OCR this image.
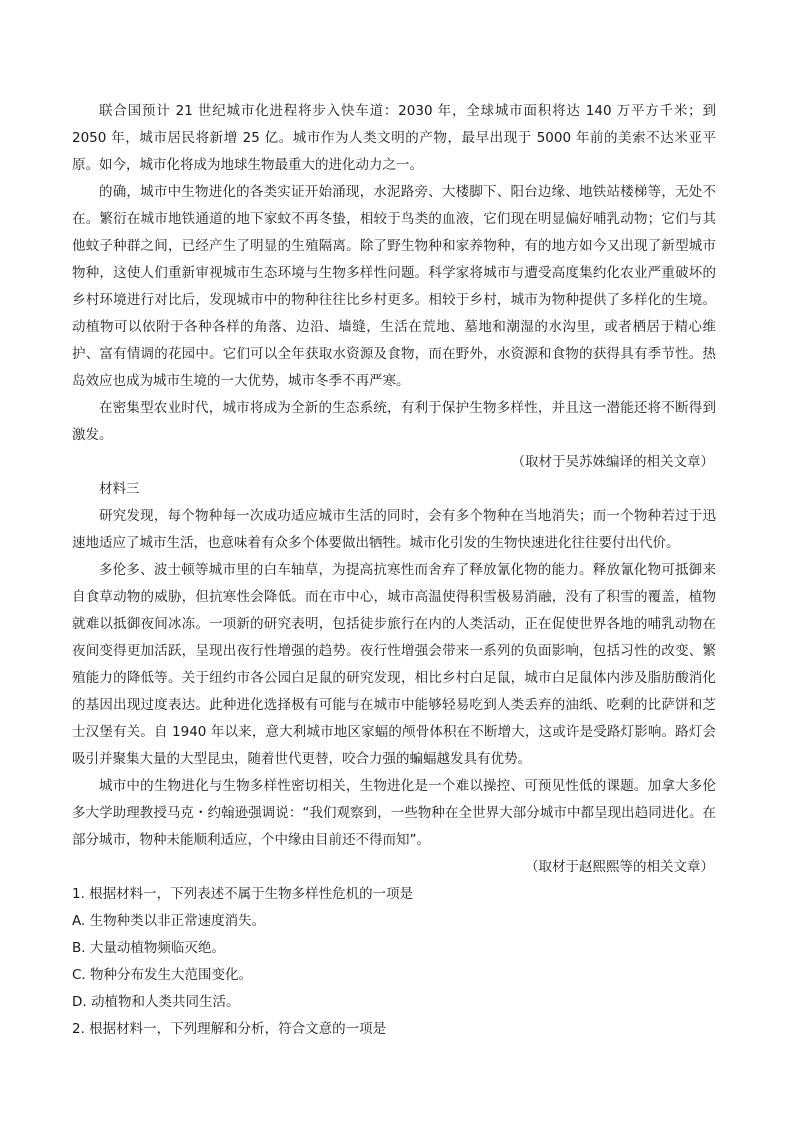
联合国预计 21 世纪城市化进程将步入快车道：2030 年，全球城市面积将达 140 万平方千米；到 2050 年，城市居民将新增 25 亿。城市作为人类文明的产物，最早出现于 5000 年前的美索不达米亚平原。如今，城市化将成为地球生物最重大的进化动力之一。

的确，城市中生物进化的各类实证开始涌现，水泥路旁、大楼脚下、阳台边缘、地铁站楼梯等，无处不在。繁衍在城市地铁通道的地下家蚊不再冬蛰，相较于鸟类的血液，它们现在明显偏好哺乳动物；它们与其他蚊子种群之间，已经产生了明显的生殖隔离。除了野生物种和家养物种，有的地方如今又出现了新型城市物种，这使人们重新审视城市生态环境与生物多样性问题。科学家将城市与遭受高度集约化农业严重破坏的乡村环境进行对比后，发现城市中的物种往往比乡村更多。相较于乡村，城市为物种提供了多样化的生境。动植物可以依附于各种各样的角落、边沿、墙缝，生活在荒地、墓地和潮湿的水沟里，或者栖居于精心维护、富有情调的花园中。它们可以全年获取水资源及食物，而在野外，水资源和食物的获得具有季节性。热岛效应也成为城市生境的一大优势，城市冬季不再严寒。

在密集型农业时代，城市将成为全新的生态系统，有利于保护生物多样性，并且这一潜能还将不断得到激发。

（取材于吴苏姝编译的相关文章）

材料三

研究发现，每个物种每一次成功适应城市生活的同时，会有多个物种在当地消失；而一个物种若过于迅速地适应了城市生活，也意味着有众多个体要做出牺牲。城市化引发的生物快速进化往往要付出代价。

多伦多、波士顿等城市里的白车轴草，为提高抗寒性而舍弃了释放氰化物的能力。释放氰化物可抵御来自食草动物的威胁，但抗寒性会降低。而在市中心，城市高温使得积雪极易消融，没有了积雪的覆盖，植物就难以抵御夜间冰冻。一项新的研究表明，包括徒步旅行在内的人类活动，正在促使世界各地的哺乳动物在夜间变得更加活跃，呈现出夜行性增强的趋势。夜行性增强会带来一系列的负面影响，包括习性的改变、繁殖能力的降低等。关于纽约市各公园白足鼠的研究发现，相比乡村白足鼠，城市白足鼠体内涉及脂肪酸消化的基因出现过度表达。此种进化选择极有可能与在城市中能够轻易吃到人类丢弃的油纸、吃剩的比萨饼和芝士汉堡有关。自 1940 年以来，意大利城市地区家蝠的颅骨体积在不断增大，这或许是受路灯影响。路灯会吸引并聚集大量的大型昆虫，随着世代更替，咬合力强的蝙蝠越发具有优势。

城市中的生物进化与生物多样性密切相关，生物进化是一个难以操控、可预见性低的课题。加拿大多伦多大学助理教授马克・约翰逊强调说：“我们观察到，一些物种在全世界大部分城市中都呈现出趋同进化。在部分城市，物种未能顺利适应，个中缘由目前还不得而知”。

（取材于赵熙熙等的相关文章）

1. 根据材料一，下列表述不属于生物多样性危机的一项是

A. 生物种类以非正常速度消失。

B. 大量动植物频临灭绝。

C. 物种分布发生大范围变化。

D. 动植物和人类共同生活。

2. 根据材料一，下列理解和分析，符合文意的一项是
